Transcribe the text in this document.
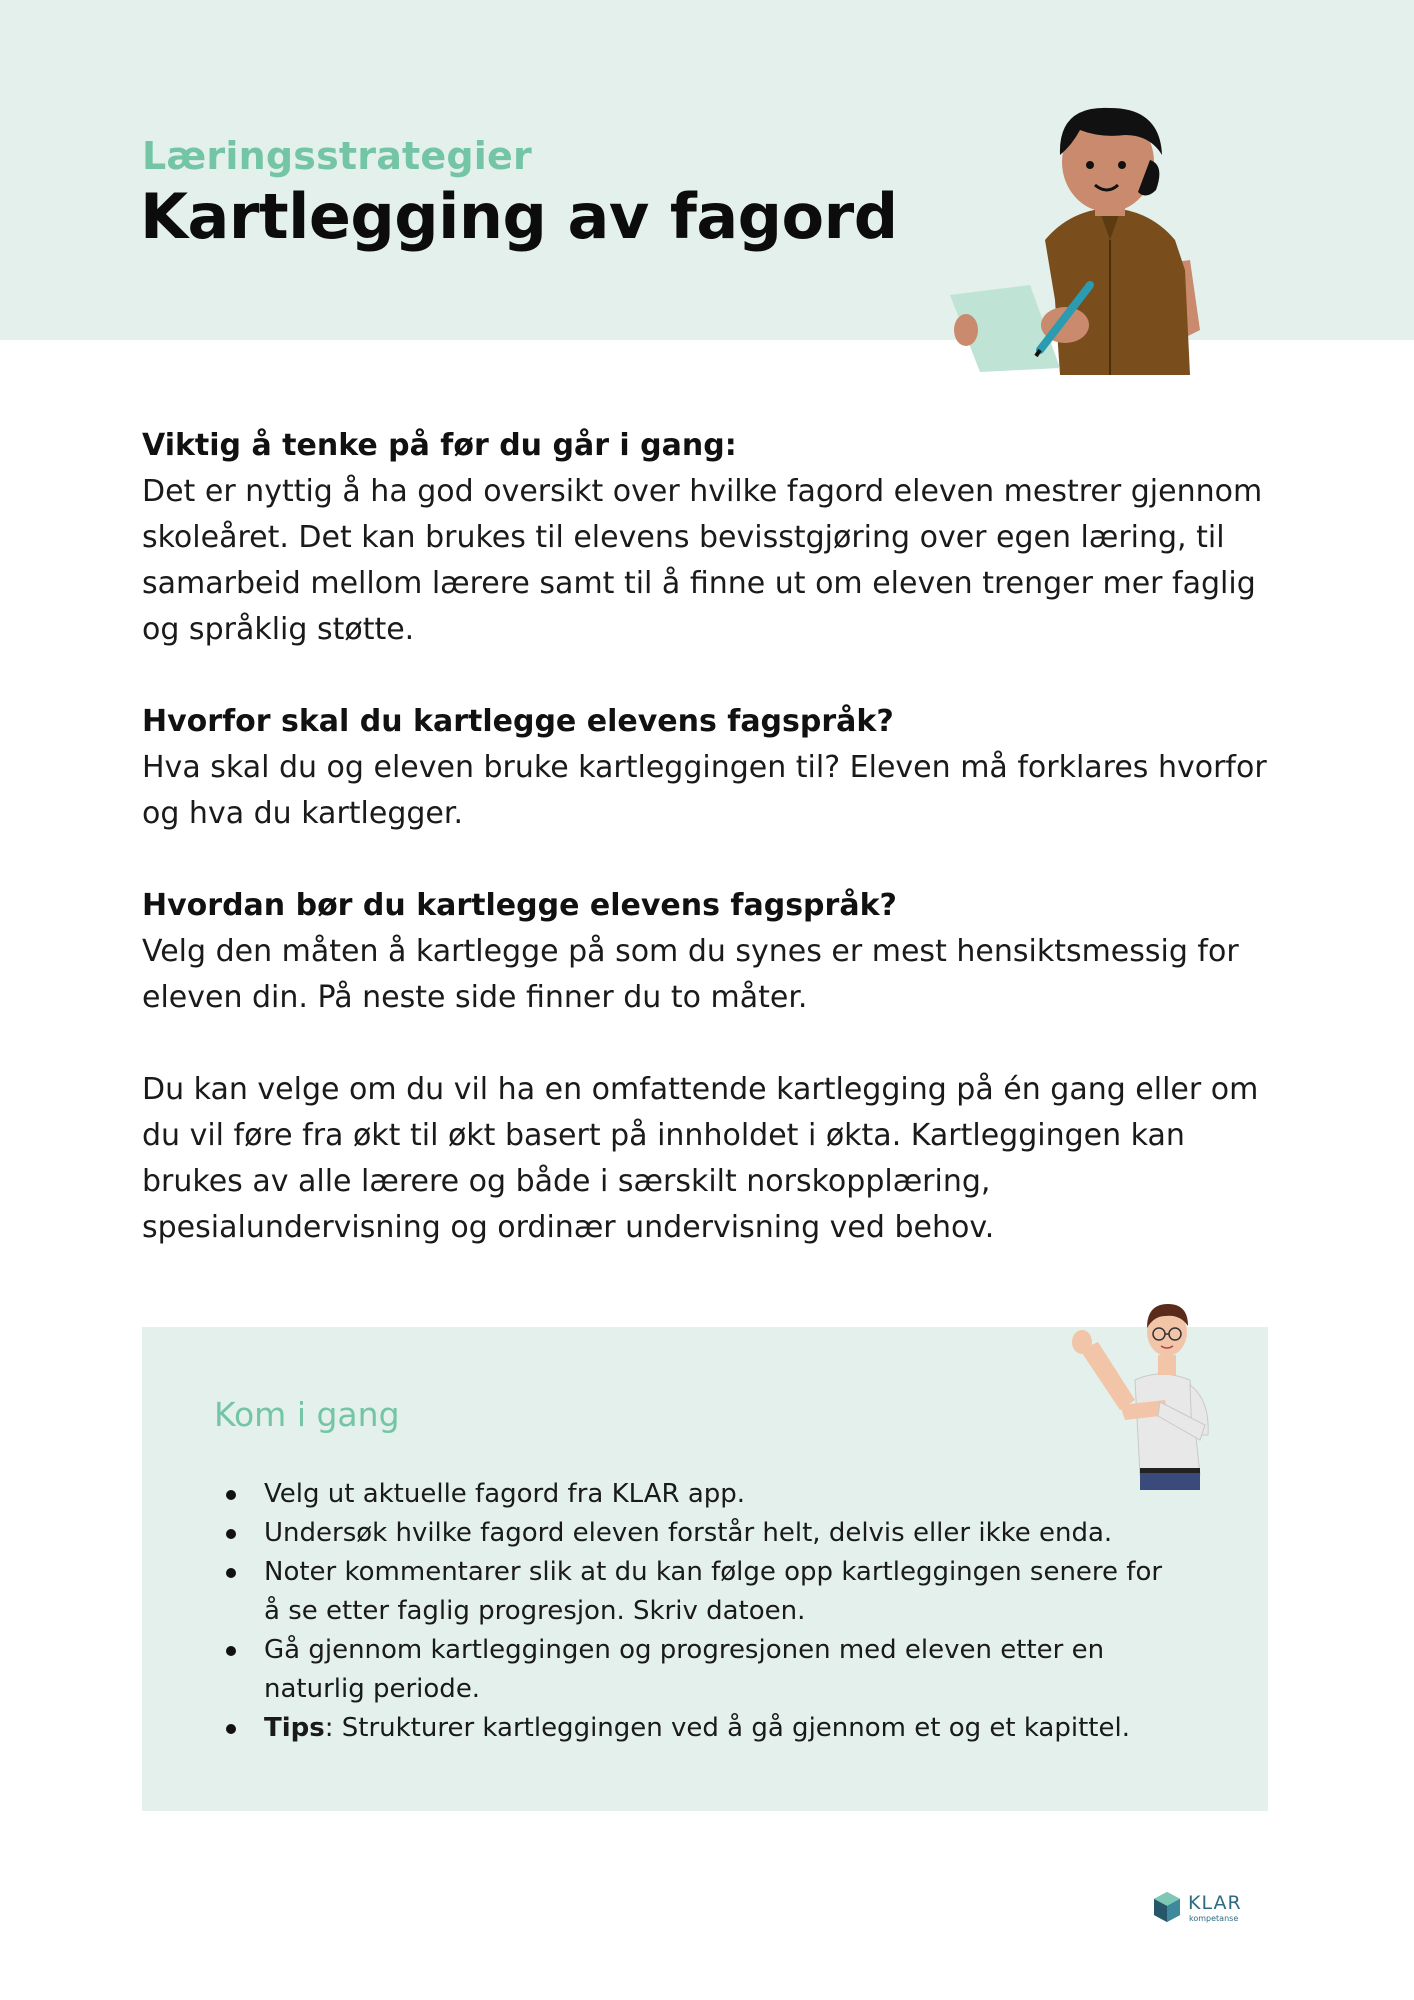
Læringsstrategier
Kartlegging av fagord
Viktig å tenke på før du går i gang:

Det er nyttig å ha god oversikt over hvilke fagord eleven mestrer gjennom skoleåret. Det kan brukes til elevens bevisstgjøring over egen læring, til samarbeid mellom lærere samt til å finne ut om eleven trenger mer faglig og språklig støtte.

Hvorfor skal du kartlegge elevens fagspråk?

Hva skal du og eleven bruke kartleggingen til? Eleven må forklares hvorfor og hva du kartlegger.

Hvordan bør du kartlegge elevens fagspråk?

Velg den måten å kartlegge på som du synes er mest hensiktsmessig for eleven din. På neste side finner du to måter.

Du kan velge om du vil ha en omfattende kartlegging på én gang eller om du vil føre fra økt til økt basert på innholdet i økta. Kartleggingen kan brukes av alle lærere og både i særskilt norskopplæring, spesialundervisning og ordinær undervisning ved behov.

Kom i gang
Velg ut aktuelle fagord fra KLAR app.
Undersøk hvilke fagord eleven forstår helt, delvis eller ikke enda.
Noter kommentarer slik at du kan følge opp kartleggingen senere for å se etter faglig progresjon. Skriv datoen.
Gå gjennom kartleggingen og progresjonen med eleven etter en naturlig periode.
Tips: Strukturer kartleggingen ved å gå gjennom et og et kapittel.
KLAR
kompetanse
